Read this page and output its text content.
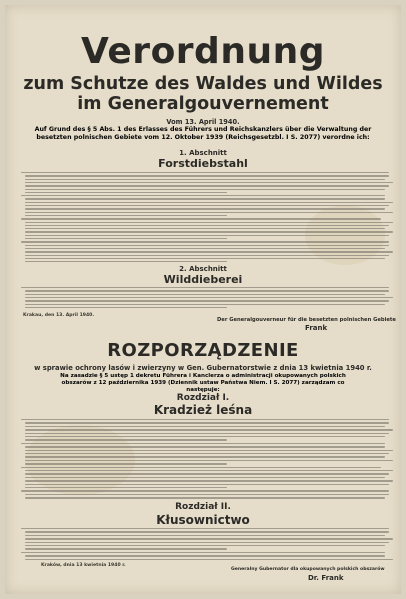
Verordnung
zum Schutze des Waldes und Wildes
im Generalgouvernement
Vom 13. April 1940.
Auf Grund des § 5 Abs. 1 des Erlasses des Führers und Reichskanzlers über die Verwaltung der besetzten polnischen Gebiete vom 12. Oktober 1939 (Reichsgesetzbl. I S. 2077) verordne ich:
1. Abschnitt
Forstdiebstahl
2. Abschnitt
Wilddieberei
Krakau, den 13. April 1940.
Der Generalgouverneur für die besetzten polnischen Gebiete
Frank
ROZPORZĄDZENIE
w sprawie ochrony lasów i zwierzyny w Gen. Gubernatorstwie z dnia 13 kwietnia 1940 r.
Na zasadzie § 5 ustęp 1 dekretu Führera i Kanclerza o administracji okupowanych polskich obszarów z 12 października 1939 (Dziennik ustaw Państwa Niem. I S. 2077) zarządzam co następuje:
Rozdział I.
Kradzież leśna
Rozdział II.
Kłusownictwo
Kraków, dnia 13 kwietnia 1940 r.
Generalny Gubernator dla okupowanych polskich obszarów
Dr. Frank
